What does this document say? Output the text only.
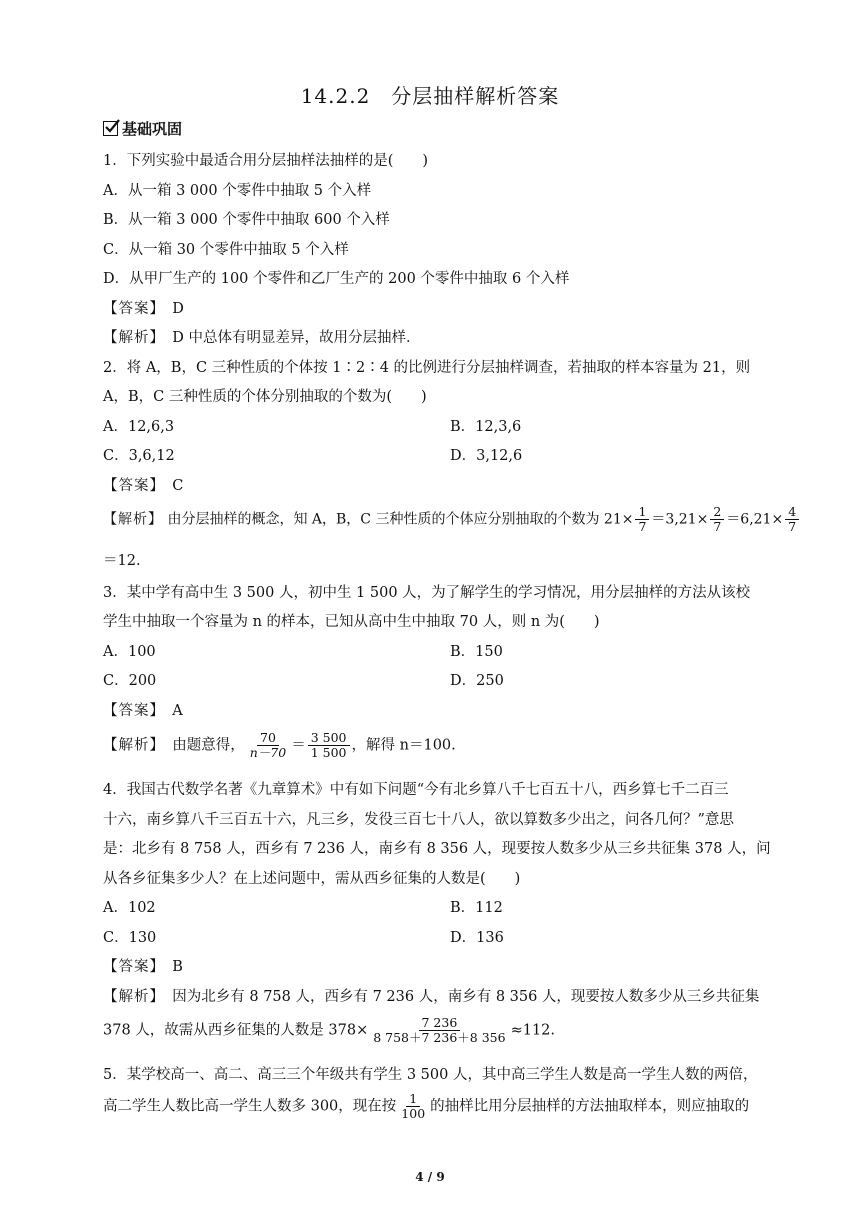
14.2.2　分层抽样解析答案
基础巩固
1．下列实验中最适合用分层抽样法抽样的是(　　)
A．从一箱 3 000 个零件中抽取 5 个入样
B．从一箱 3 000 个零件中抽取 600 个入样
C．从一箱 30 个零件中抽取 5 个入样
D．从甲厂生产的 100 个零件和乙厂生产的 200 个零件中抽取 6 个入样
【答案】　 D
【解析】　 D 中总体有明显差异，故用分层抽样．
2．将 A，B，C 三种性质的个体按 1∶2∶4 的比例进行分层抽样调查，若抽取的样本容量为 21，则
A，B，C 三种性质的个体分别抽取的个数为(　　)
A．12,6,3	B．12,3,6
C．3,6,12	D．3,12,6
【答案】　 C
【解析】 由分层抽样的概念，知 A，B，C 三种性质的个体应分别抽取的个数为 $21\times \frac{1}{7} =3,21\times \frac{2}{7} =6,21\times \frac{4}{7}$
＝12.
3．某中学有高中生 3 500 人，初中生 1 500 人，为了解学生的学习情况，用分层抽样的方法从该校
学生中抽取一个容量为 n 的样本，已知从高中生中抽取 70 人，则 n 为(　　)
A．100	B．150
C．200	D．250
【答案】　 A
【解析】　 由题意得， $\frac{70}{n-70} = \frac{3 500}{1 500}$ ，解得 n＝100.
4．我国古代数学名著《九章算术》中有如下问题“今有北乡算八千七百五十八，西乡算七千二百三
十六，南乡算八千三百五十六，凡三乡，发役三百七十八人，欲以算数多少出之，问各几何？”意思
是：北乡有 8 758 人，西乡有 7 236 人，南乡有 8 356 人，现要按人数多少从三乡共征集 378 人，问
从各乡征集多少人？在上述问题中，需从西乡征集的人数是(　　)
A．102	B．112
C．130	D．136
【答案】　 B
【解析】　 因为北乡有 8 758 人，西乡有 7 236 人，南乡有 8 356 人，现要按人数多少从三乡共征集
378 人，故需从西乡征集的人数是 $378\times \frac{7 236}{8 758+7 236+8 356} \approx 112$.
5．某学校高一、高二、高三三个年级共有学生 3 500 人，其中高三学生人数是高一学生人数的两倍，
高二学生人数比高一学生人数多 300，现在按 $\frac{1}{100}$ 的抽样比用分层抽样的方法抽取样本，则应抽取的
4 / 9
